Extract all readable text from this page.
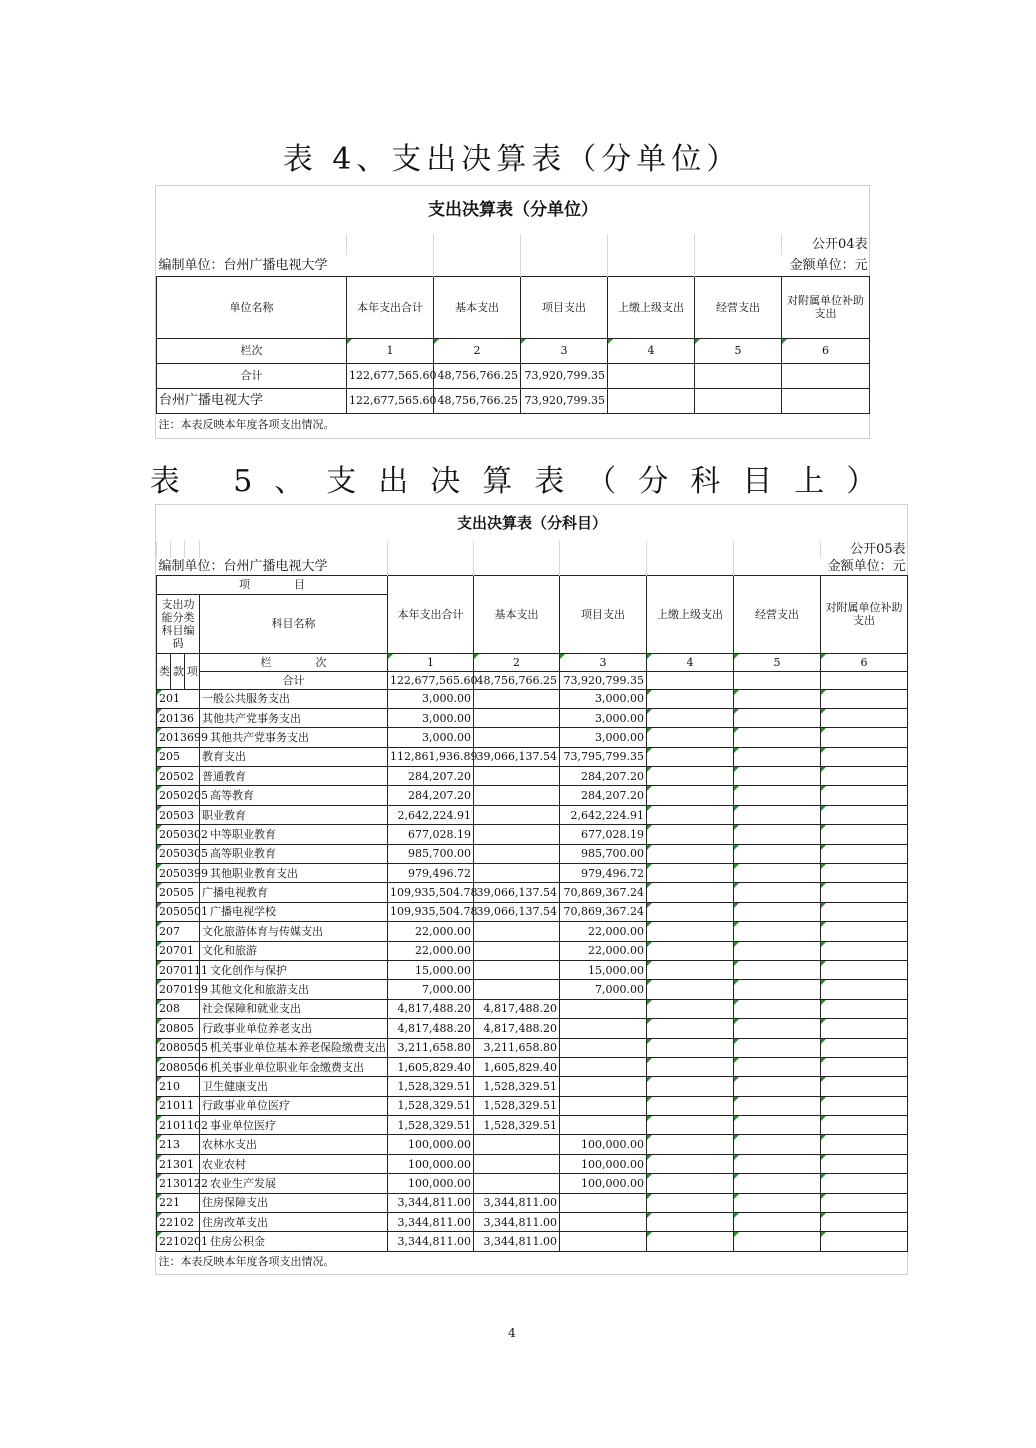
表 4、支出决算表（分单位）
支出决算表（分单位）						
						公开04表
编制单位：台州广播电视大学						金额单位：元
单位名称	本年支出合计	基本支出	项目支出	上缴上级支出	经营支出	对附属单位补助支出
栏次	1	2	3	4	5	6
合计	122,677,565.60	48,756,766.25	73,920,799.35			
台州广播电视大学	122,677,565.60	48,756,766.25	73,920,799.35			
注：本表反映本年度各项支出情况。						
表 5、支出决算表（分科目上）
支出决算表（分科目）									
									公开05表
编制单位：台州广播电视大学									金额单位：元
项　　　　目				本年支出合计	基本支出	项目支出	上缴上级支出	经营支出	对附属单位补助支出
支出功能分类科目编码			科目名称						
类	款	项	栏　　　　次	1	2	3	4	5	6
			合计	122,677,565.60	48,756,766.25	73,920,799.35			
201			一般公共服务支出	3,000.00		3,000.00			
20136			其他共产党事务支出	3,000.00		3,000.00			
2013699			其他共产党事务支出	3,000.00		3,000.00			
205			教育支出	112,861,936.89	39,066,137.54	73,795,799.35			
20502			普通教育	284,207.20		284,207.20			
2050205			高等教育	284,207.20		284,207.20			
20503			职业教育	2,642,224.91		2,642,224.91			
2050302			中等职业教育	677,028.19		677,028.19			
2050305			高等职业教育	985,700.00		985,700.00			
2050399			其他职业教育支出	979,496.72		979,496.72			
20505			广播电视教育	109,935,504.78	39,066,137.54	70,869,367.24			
2050501			广播电视学校	109,935,504.78	39,066,137.54	70,869,367.24			
207			文化旅游体育与传媒支出	22,000.00		22,000.00			
20701			文化和旅游	22,000.00		22,000.00			
2070111			文化创作与保护	15,000.00		15,000.00			
2070199			其他文化和旅游支出	7,000.00		7,000.00			
208			社会保障和就业支出	4,817,488.20	4,817,488.20				
20805			行政事业单位养老支出	4,817,488.20	4,817,488.20				
2080505			机关事业单位基本养老保险缴费支出	3,211,658.80	3,211,658.80				
2080506			机关事业单位职业年金缴费支出	1,605,829.40	1,605,829.40				
210			卫生健康支出	1,528,329.51	1,528,329.51				
21011			行政事业单位医疗	1,528,329.51	1,528,329.51				
2101102			事业单位医疗	1,528,329.51	1,528,329.51				
213			农林水支出	100,000.00		100,000.00			
21301			农业农村	100,000.00		100,000.00			
2130122			农业生产发展	100,000.00		100,000.00			
221			住房保障支出	3,344,811.00	3,344,811.00				
22102			住房改革支出	3,344,811.00	3,344,811.00				
2210201			住房公积金	3,344,811.00	3,344,811.00				
注：本表反映本年度各项支出情况。									
4
